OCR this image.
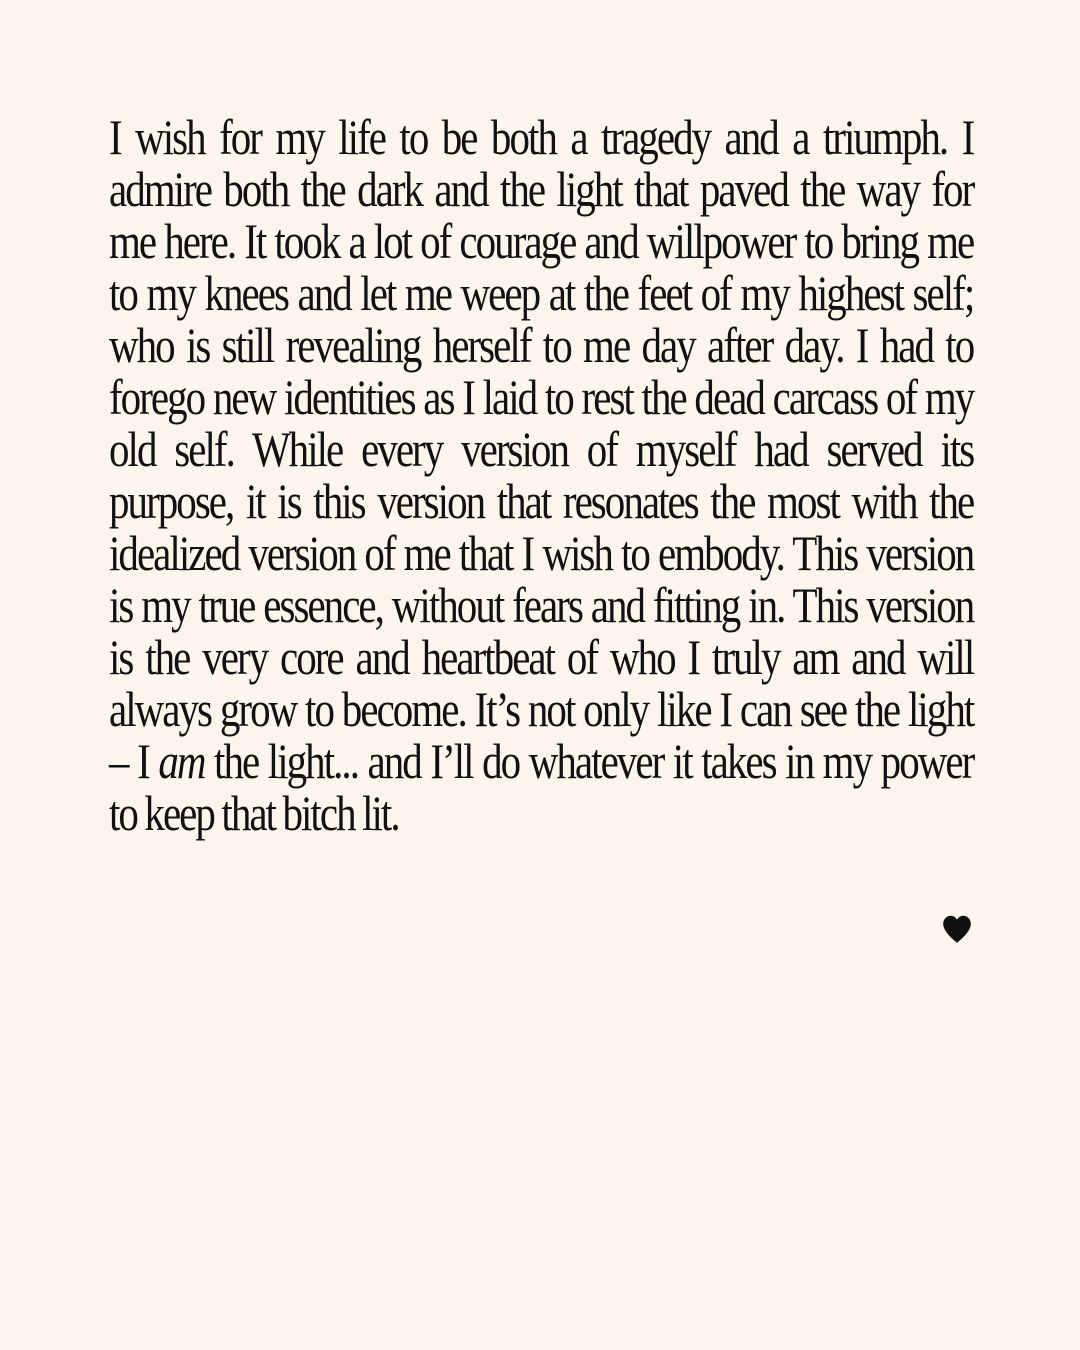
I wish for my life to be both a tragedy and a triumph. I admire both the dark and the light that paved the way for me here. It took a lot of courage and willpower to bring me to my knees and let me weep at the feet of my highest self; who is still revealing herself to me day after day. I had to forego new identities as I laid to rest the dead carcass of my old self. While every version of myself had served its purpose, it is this version that resonates the most with the idealized version of me that I wish to embody. This version is my true essence, without fears and fitting in. This version is the very core and heartbeat of who I truly am and will always grow to become. It’s not only like I can see the light – I am the light... and I’ll do whatever it takes in my power to keep that bitch lit.
